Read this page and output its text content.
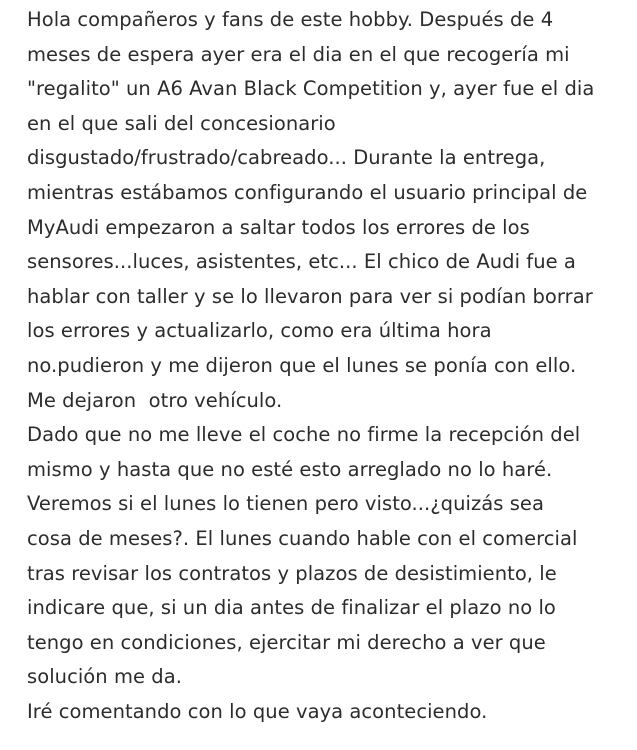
Hola compañeros y fans de este hobby. Después de 4
meses de espera ayer era el dia en el que recogería mi
"regalito" un A6 Avan Black Competition y, ayer fue el dia
en el que sali del concesionario
disgustado/frustrado/cabreado... Durante la entrega,
mientras estábamos configurando el usuario principal de
MyAudi empezaron a saltar todos los errores de los
sensores...luces, asistentes, etc... El chico de Audi fue a
hablar con taller y se lo llevaron para ver si podían borrar
los errores y actualizarlo, como era última hora
no.pudieron y me dijeron que el lunes se ponía con ello.
Me dejaron  otro vehículo.
Dado que no me lleve el coche no firme la recepción del
mismo y hasta que no esté esto arreglado no lo haré.
Veremos si el lunes lo tienen pero visto...¿quizás sea
cosa de meses?. El lunes cuando hable con el comercial
tras revisar los contratos y plazos de desistimiento, le
indicare que, si un dia antes de finalizar el plazo no lo
tengo en condiciones, ejercitar mi derecho a ver que
solución me da.
Iré comentando con lo que vaya aconteciendo.
